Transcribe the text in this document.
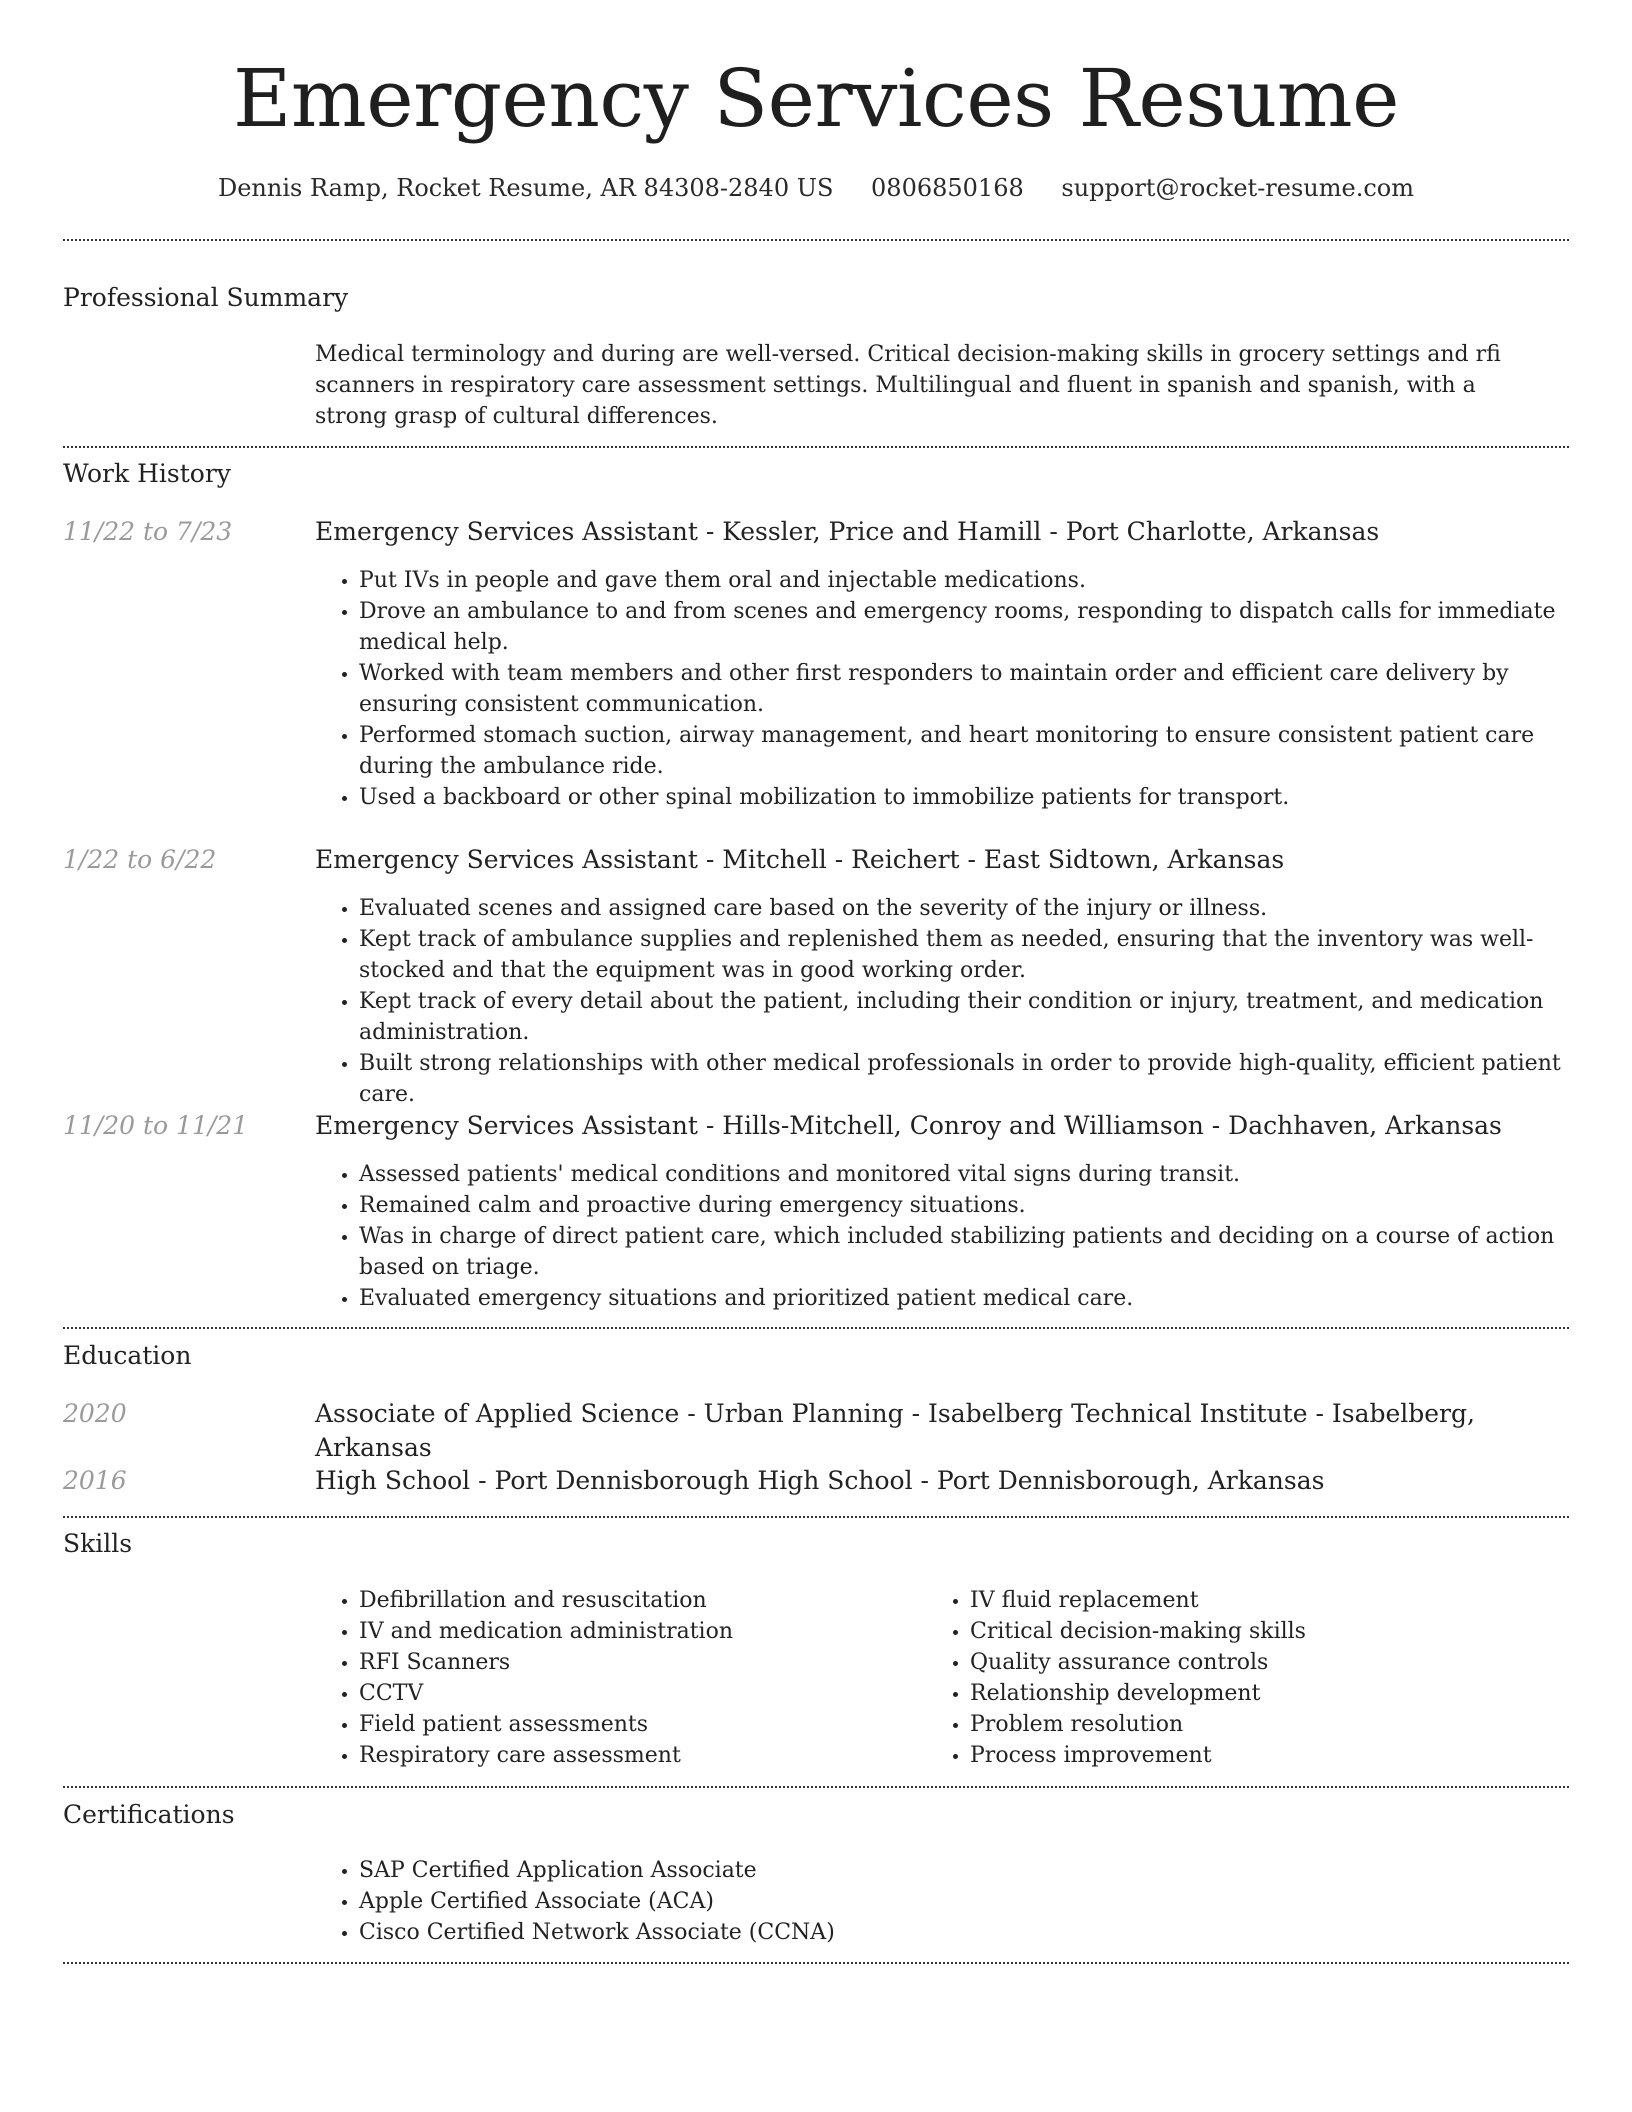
Emergency Services Resume
Dennis Ramp, Rocket Resume, AR 84308-2840 US 0806850168 support@rocket-resume.com
Professional Summary
Medical terminology and during are well-versed. Critical decision-making skills in grocery settings and rfi scanners in respiratory care assessment settings. Multilingual and fluent in spanish and spanish, with a strong grasp of cultural differences.
Work History
11/22 to 7/23	Emergency Services Assistant - Kessler, Price and Hamill - Port Charlotte, Arkansas
• Put IVs in people and gave them oral and injectable medications.
• Drove an ambulance to and from scenes and emergency rooms, responding to dispatch calls for immediate medical help.
• Worked with team members and other first responders to maintain order and efficient care delivery by ensuring consistent communication.
• Performed stomach suction, airway management, and heart monitoring to ensure consistent patient care during the ambulance ride.
• Used a backboard or other spinal mobilization to immobilize patients for transport.
1/22 to 6/22	Emergency Services Assistant - Mitchell - Reichert - East Sidtown, Arkansas
• Evaluated scenes and assigned care based on the severity of the injury or illness.
• Kept track of ambulance supplies and replenished them as needed, ensuring that the inventory was well-stocked and that the equipment was in good working order.
• Kept track of every detail about the patient, including their condition or injury, treatment, and medication administration.
• Built strong relationships with other medical professionals in order to provide high-quality, efficient patient care.
11/20 to 11/21	Emergency Services Assistant - Hills-Mitchell, Conroy and Williamson - Dachhaven, Arkansas
• Assessed patients' medical conditions and monitored vital signs during transit.
• Remained calm and proactive during emergency situations.
• Was in charge of direct patient care, which included stabilizing patients and deciding on a course of action based on triage.
• Evaluated emergency situations and prioritized patient medical care.
Education
2020	Associate of Applied Science - Urban Planning - Isabelberg Technical Institute - Isabelberg, Arkansas
2016	High School - Port Dennisborough High School - Port Dennisborough, Arkansas
Skills
• Defibrillation and resuscitation
• IV and medication administration
• RFI Scanners
• CCTV
• Field patient assessments
• Respiratory care assessment
• IV fluid replacement
• Critical decision-making skills
• Quality assurance controls
• Relationship development
• Problem resolution
• Process improvement
Certifications
• SAP Certified Application Associate
• Apple Certified Associate (ACA)
• Cisco Certified Network Associate (CCNA)
